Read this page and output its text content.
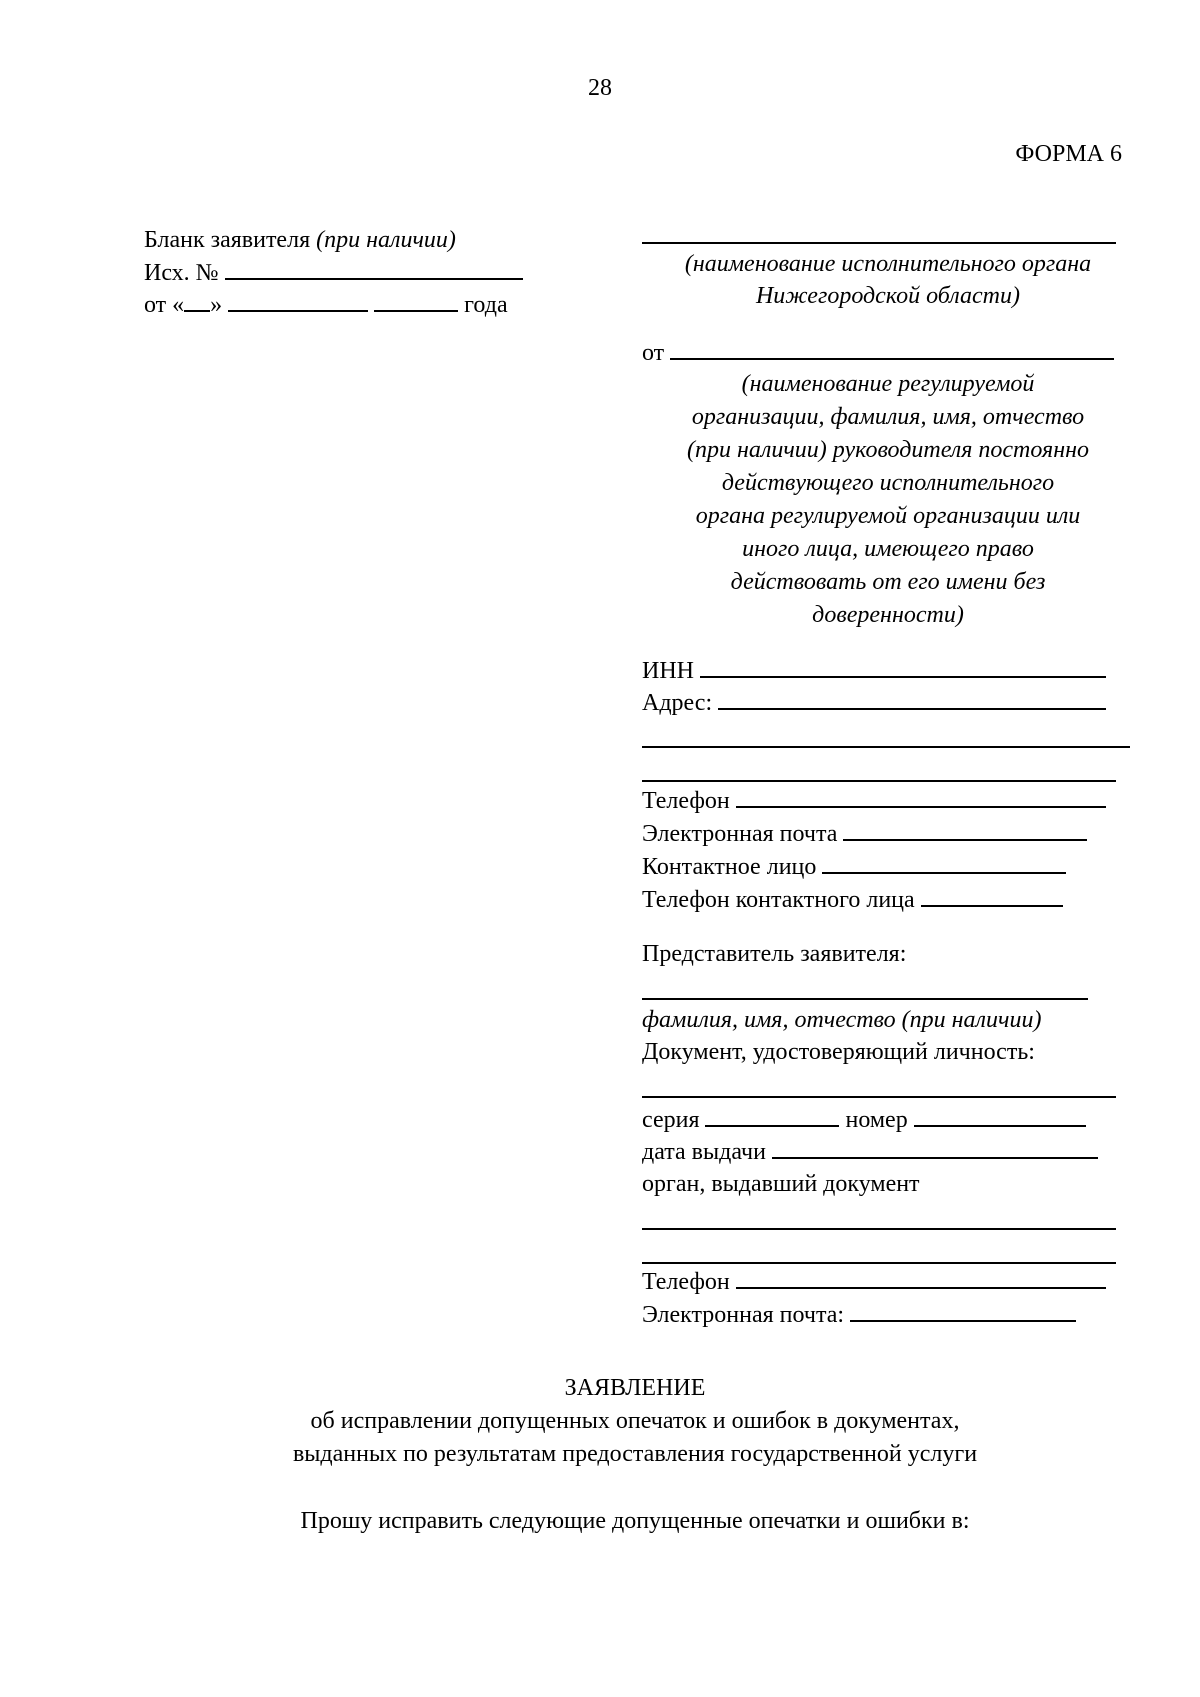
28
ФОРМА 6
Бланк заявителя (при наличии)
Исх. №
от « »	года
(наименование исполнительного органа
Нижегородской области)
от
(наименование регулируемой
организации, фамилия, имя, отчество
(при наличии) руководителя постоянно
действующего исполнительного
органа регулируемой организации или
иного лица, имеющего право
действовать от его имени без
доверенности)
ИНН
Адрес:
Телефон
Электронная почта
Контактное лицо
Телефон контактного лица
Представитель заявителя:
фамилия, имя, отчество (при наличии)
Документ, удостоверяющий личность:
серия	номер
дата выдачи
орган, выдавший документ
Телефон
Электронная почта:
ЗАЯВЛЕНИЕ
об исправлении допущенных опечаток и ошибок в документах,
выданных по результатам предоставления государственной услуги
Прошу исправить следующие допущенные опечатки и ошибки в:
